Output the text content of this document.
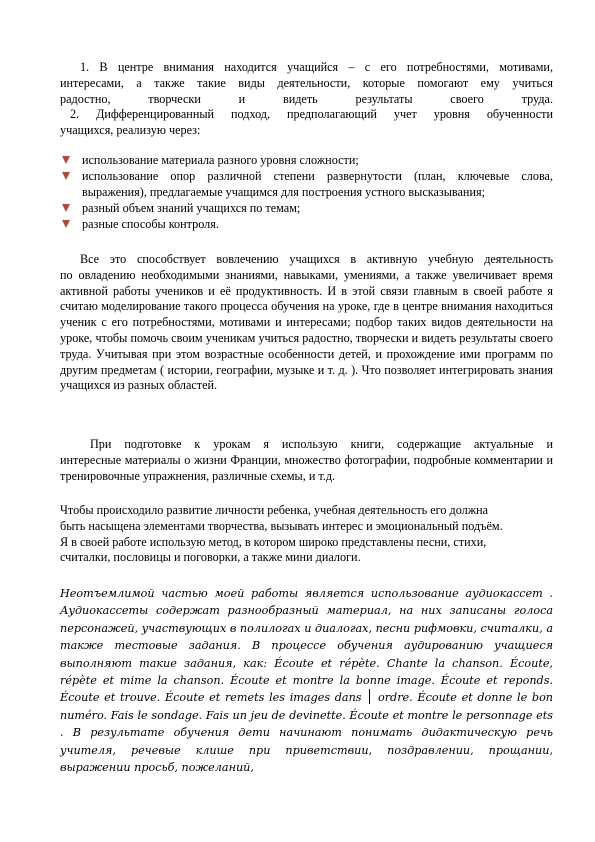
1. В центре внимания находится учащийся – с его потребностями, мотивами,
интересами, а также такие виды деятельности, которые помогают ему учиться
радостно, творчески и видеть результаты своего труда.
2. Дифференцированный подход, предполагающий учет уровня обученности
учащихся, реализую через:
использование материала разного уровня сложности;
использование опор различной степени развернутости (план, ключевые слова, выражения), предлагаемые учащимся для построения устного высказывания;
разный объем знаний учащихся по темам;
разные способы контроля.
Все это способствует вовлечению учащихся в активную учебную деятельность
по овладению необходимыми знаниями, навыками, умениями, а также увеличивает время активной работы учеников и её продуктивность. И в этой связи главным в своей работе я считаю моделирование такого процесса обучения на уроке, где в центре внимания находиться ученик с его потребностями, мотивами и интересами; подбор таких видов деятельности на уроке, чтобы помочь своим ученикам учиться радостно, творчески и видеть результаты своего труда. Учитывая при этом возрастные особенности детей, и прохождение ими программ по другим предметам ( истории, географии, музыке и т. д. ). Что позволяет интегрировать знания учащихся из разных областей.
При подготовке к урокам я использую книги, содержащие актуальные и
интересные материалы о жизни Франции, множество фотографии, подробные комментарии и тренировочные упражнения, различные схемы, и т.д.
Чтобы происходило развитие личности ребенка, учебная деятельность его должна
быть насыщена элементами творчества, вызывать интерес и эмоциональный подъём.
Я в своей работе использую метод, в котором широко представлены песни, стихи,
считалки, пословицы и поговорки, а также мини диалоги.
Неотъемлимой частью моей работы является использование аудиокассет . Аудиокассеты содержат разнообразный материал, на них записаны голоса персонажей, участвующих в полилогах и диалогах, песни рифмовки, считалки, а также тестовые задания. В процессе обучения аудированию учащиеся выполняют такие задания, как: Écoute et répète. Chante la chanson. Écoute, répète et mime la chanson. Écoute et montre la bonne image. Écoute et reponds. Écoute et trouve. Écoute et remets les images dans ordre. Écoute et donne le bon numéro. Fais le sondage. Fais un jeu de devinette. Écoute et montre le personnage ets . В результате обучения дети начинают понимать дидактическую речь учителя, речевые клише при приветствии, поздравлении, прощании, выражении просьб, пожеланий,
